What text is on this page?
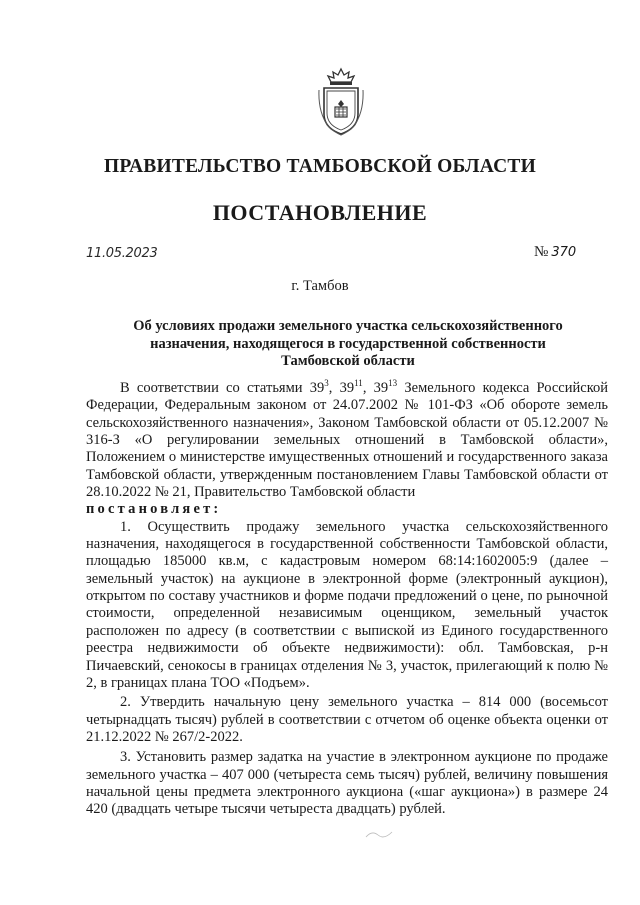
ПРАВИТЕЛЬСТВО ТАМБОВСКОЙ ОБЛАСТИ
ПОСТАНОВЛЕНИЕ
11.05.2023	№ 370
г. Тамбов
Об условиях продажи земельного участка сельскохозяйственного
назначения, находящегося в государственной собственности
Тамбовской области

В соответствии со статьями $39^3$, $39^{11}$, $39^{13}$ Земельного кодекса Российской Федерации, Федеральным законом от 24.07.2002 № 101-ФЗ «Об обороте земель сельскохозяйственного назначения», Законом Тамбовской области от 05.12.2007 № 316-З «О регулировании земельных отношений в Тамбовской области», Положением о министерстве имущественных отношений и государственного заказа Тамбовской области, утвержденным постановлением Главы Тамбовской области от 28.10.2022 № 21, Правительство Тамбовской области

постановляет:

1. Осуществить продажу земельного участка сельскохозяйственного назначения, находящегося в государственной собственности Тамбовской области, площадью 185000 кв.м, с кадастровым номером 68:14:1602005:9 (далее – земельный участок) на аукционе в электронной форме (электронный аукцион), открытом по составу участников и форме подачи предложений о цене, по рыночной стоимости, определенной независимым оценщиком, земельный участок расположен по адресу (в соответствии с выпиской из Единого государственного реестра недвижимости об объекте недвижимости): обл. Тамбовская, р-н Пичаевский, сенокосы в границах отделения № 3, участок, прилегающий к полю № 2, в границах плана ТОО «Подъем».

2. Утвердить начальную цену земельного участка – 814 000 (восемьсот четырнадцать тысяч) рублей в соответствии с отчетом об оценке объекта оценки от 21.12.2022 № 267/2-2022.

3. Установить размер задатка на участие в электронном аукционе по продаже земельного участка – 407 000 (четыреста семь тысяч) рублей, величину повышения начальной цены предмета электронного аукциона («шаг аукциона») в размере 24 420 (двадцать четыре тысячи четыреста двадцать) рублей.
